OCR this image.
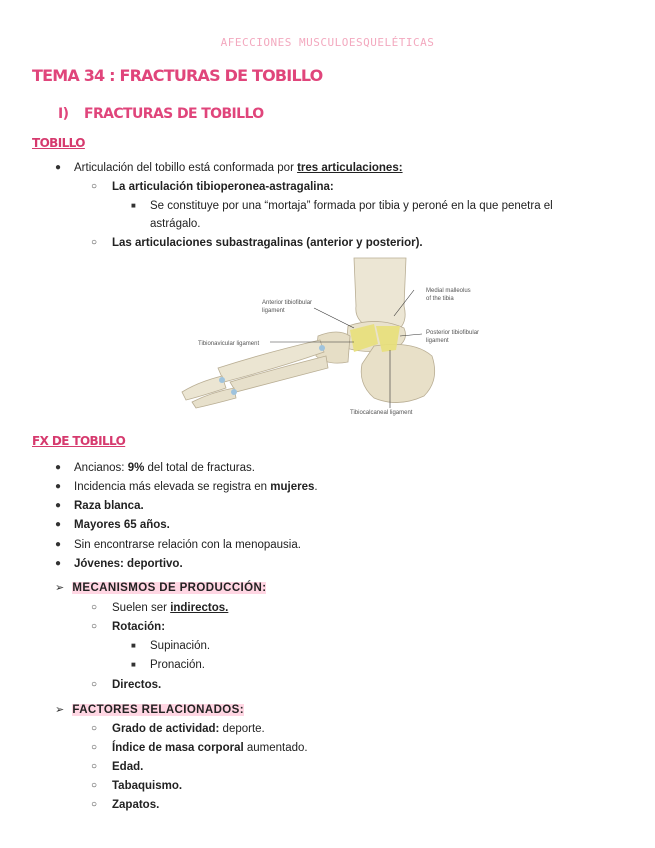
AFECCIONES MUSCULOESQUELÉTICAS
TEMA 34 : FRACTURAS DE TOBILLO
I) FRACTURAS DE TOBILLO
TOBILLO
● Articulación del tobillo está conformada por tres articulaciones:
○ La articulación tibioperonea-astragalina:
■ Se constituye por una “mortaja” formada por tibia y peroné en la que penetra el
astrágalo.
○ Las articulaciones subastragalinas (anterior y posterior).
Anterior tibiofibular
ligament
Medial malleolus
of the tibia
Posterior tibiofibular
ligament
Tibionavicular ligament
Tibiocalcaneal ligament
FX DE TOBILLO
● Ancianos: 9% del total de fracturas.
● Incidencia más elevada se registra en mujeres.
● Raza blanca.
● Mayores 65 años.
● Sin encontrarse relación con la menopausia.
● Jóvenes: deportivo.
➢ MECANISMOS DE PRODUCCIÓN:
○ Suelen ser indirectos.
○ Rotación:
■ Supinación.
■ Pronación.
○ Directos.
➢ FACTORES RELACIONADOS:
○ Grado de actividad: deporte.
○ Índice de masa corporal aumentado.
○ Edad.
○ Tabaquismo.
○ Zapatos.
